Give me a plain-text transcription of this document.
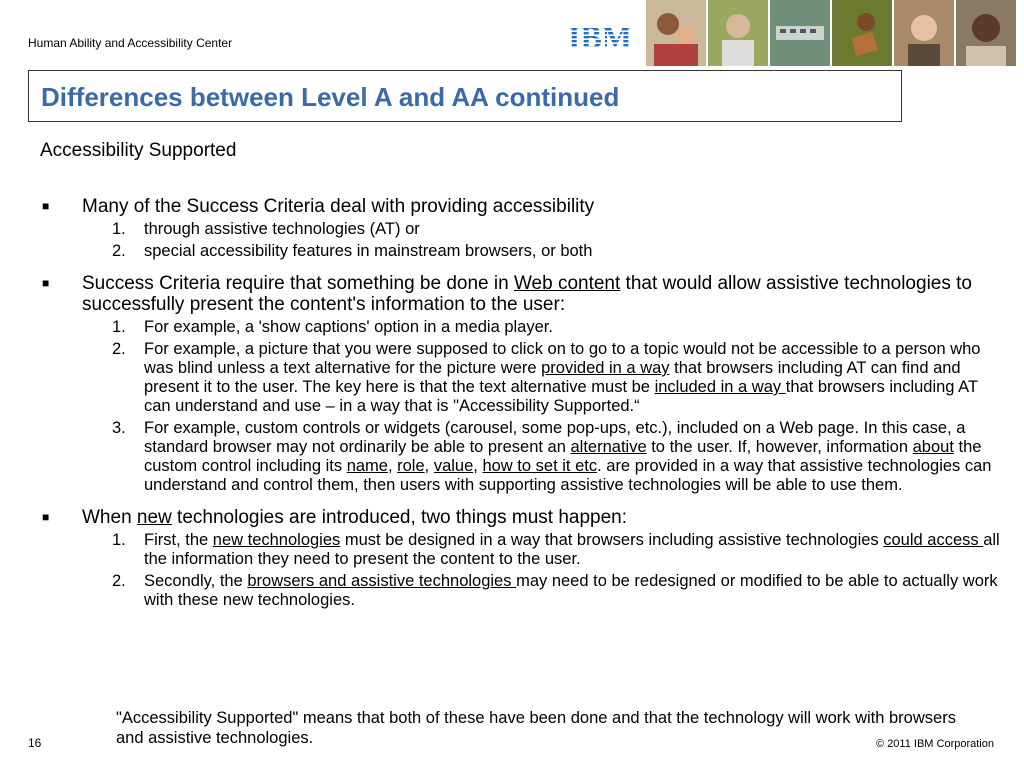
Human Ability and Accessibility Center	IBM
Differences between Level A and AA continued
Accessibility Supported
■ Many of the Success Criteria deal with providing accessibility
1. through assistive technologies (AT) or
2. special accessibility features in mainstream browsers, or both
■ Success Criteria require that something be done in Web content that would allow assistive technologies to successfully present the content's information to the user:
1. For example, a 'show captions' option in a media player.
2. For example, a picture that you were supposed to click on to go to a topic would not be accessible to a person who was blind unless a text alternative for the picture were provided in a way that browsers including AT can find and present it to the user. The key here is that the text alternative must be included in a way that browsers including AT can understand and use – in a way that is "Accessibility Supported.“
3. For example, custom controls or widgets (carousel, some pop-ups, etc.), included on a Web page. In this case, a standard browser may not ordinarily be able to present an alternative to the user. If, however, information about the custom control including its name, role, value, how to set it etc. are provided in a way that assistive technologies can understand and control them, then users with supporting assistive technologies will be able to use them.
■ When new technologies are introduced, two things must happen:
1. First, the new technologies must be designed in a way that browsers including assistive technologies could access all the information they need to present the content to the user.
2. Secondly, the browsers and assistive technologies may need to be redesigned or modified to be able to actually work with these new technologies.
"Accessibility Supported" means that both of these have been done and that the technology will work with browsers and assistive technologies.
16	© 2011 IBM Corporation
